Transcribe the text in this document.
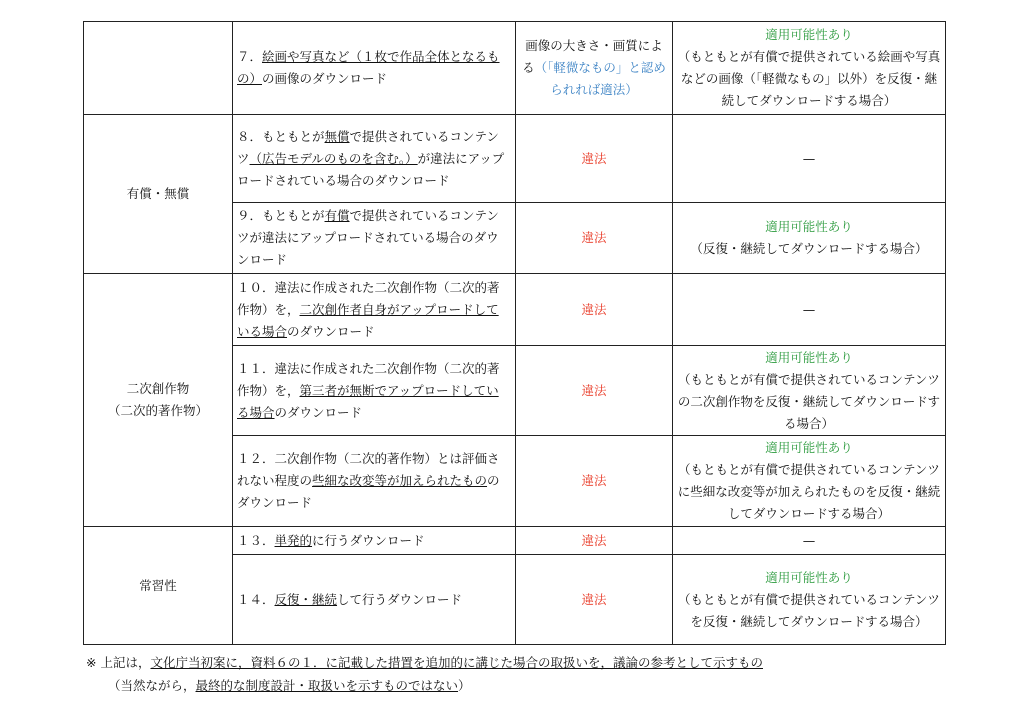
	７．絵画や写真など（１枚で作品全体となるもの）の画像のダウンロード	画像の大きさ・画質による（「軽微なもの」と認められれば適法）	適用可能性あり
（もともとが有償で提供されている絵画や写真などの画像（「軽微なもの」以外）を反復・継続してダウンロードする場合）
有償・無償	８．もともとが無償で提供されているコンテンツ（広告モデルのものを含む。）が違法にアップロードされている場合のダウンロード	違法	—
	９．もともとが有償で提供されているコンテンツが違法にアップロードされている場合のダウンロード	違法	適用可能性あり
（反復・継続してダウンロードする場合）

二次創作物
（二次的著作物）	１０．違法に作成された二次創作物（二次的著作物）を，二次創作者自身がアップロードしている場合のダウンロード	違法	—
	１１．違法に作成された二次創作物（二次的著作物）を，第三者が無断でアップロードしている場合のダウンロード	違法	適用可能性あり
（もともとが有償で提供されているコンテンツの二次創作物を反復・継続してダウンロードする場合）
	１２．二次創作物（二次的著作物）とは評価されない程度の些細な改変等が加えられたもののダウンロード	違法	適用可能性あり
（もともとが有償で提供されているコンテンツに些細な改変等が加えられたものを反復・継続してダウンロードする場合）
常習性	１３．単発的に行うダウンロード	違法	—
	１４．反復・継続して行うダウンロード	違法	適用可能性あり
（もともとが有償で提供されているコンテンツを反復・継続してダウンロードする場合）
※ 上記は，文化庁当初案に，資料６の１．に記載した措置を追加的に講じた場合の取扱いを，議論の参考として示すもの
（当然ながら，最終的な制度設計・取扱いを示すものではない）
